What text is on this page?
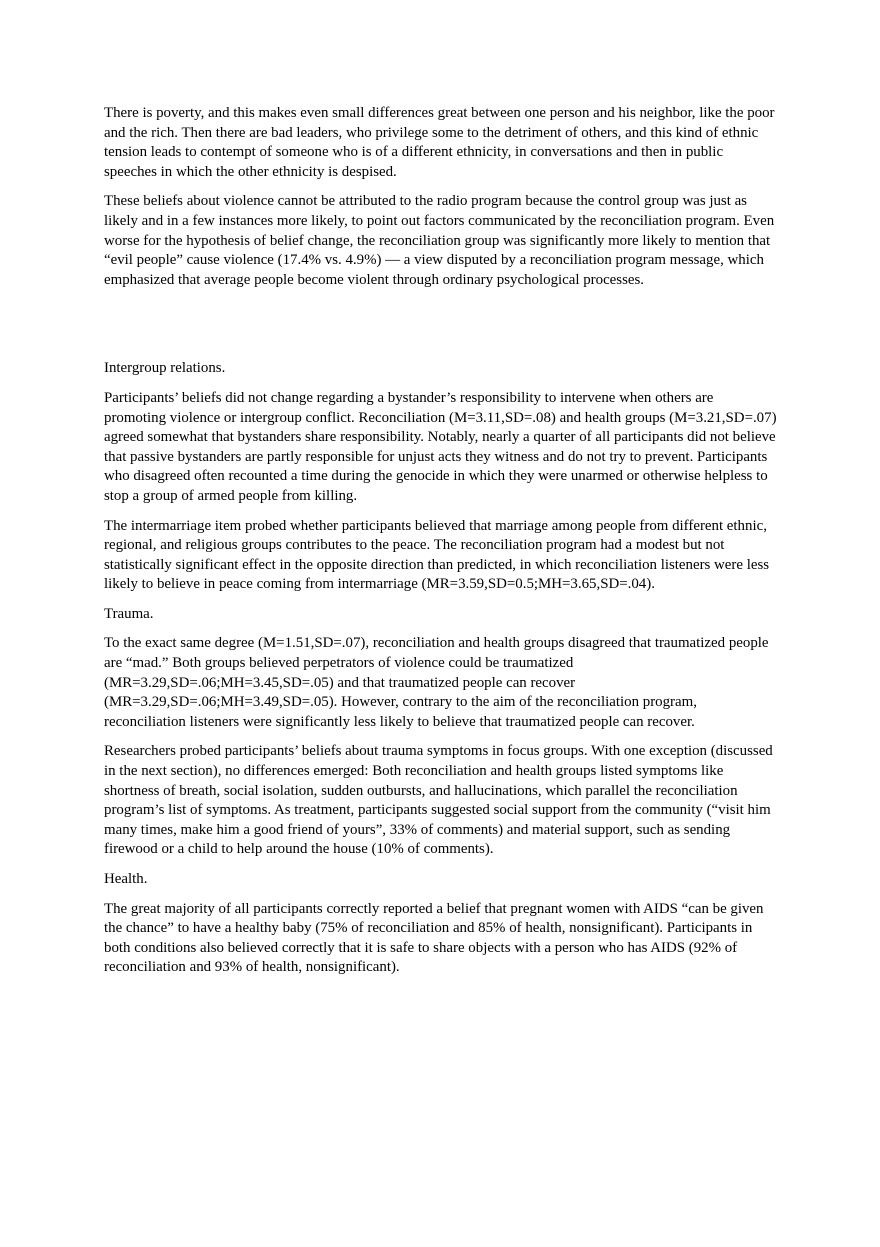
There is poverty, and this makes even small differences great between one person and his neighbor, like the poor and the rich. Then there are bad leaders, who privilege some to the detriment of others, and this kind of ethnic tension leads to contempt of someone who is of a different ethnicity, in conversations and then in public speeches in which the other ethnicity is despised.

These beliefs about violence cannot be attributed to the radio program because the control group was just as likely and in a few instances more likely, to point out factors communicated by the reconciliation program. Even worse for the hypothesis of belief change, the reconciliation group was significantly more likely to mention that “evil people” cause violence (17.4% vs. 4.9%) — a view disputed by a reconciliation program message, which emphasized that average people become violent through ordinary psychological processes.

Intergroup relations.

Participants’ beliefs did not change regarding a bystander’s responsibility to intervene when others are promoting violence or intergroup conflict. Reconciliation (M=3.11,SD=.08) and health groups (M=3.21,SD=.07) agreed somewhat that bystanders share responsibility. Notably, nearly a quarter of all participants did not believe that passive bystanders are partly responsible for unjust acts they witness and do not try to prevent. Participants who disagreed often recounted a time during the genocide in which they were unarmed or otherwise helpless to stop a group of armed people from killing.

The intermarriage item probed whether participants believed that marriage among people from different ethnic, regional, and religious groups contributes to the peace. The reconciliation program had a modest but not statistically significant effect in the opposite direction than predicted, in which reconciliation listeners were less likely to believe in peace coming from intermarriage (MR=3.59,SD=0.5;MH=3.65,SD=.04).

Trauma.

To the exact same degree (M=1.51,SD=.07), reconciliation and health groups disagreed that traumatized people are “mad.” Both groups believed perpetrators of violence could be traumatized (MR=3.29,SD=.06;MH=3.45,SD=.05) and that traumatized people can recover (MR=3.29,SD=.06;MH=3.49,SD=.05). However, contrary to the aim of the reconciliation program, reconciliation listeners were significantly less likely to believe that traumatized people can recover.

Researchers probed participants’ beliefs about trauma symptoms in focus groups. With one exception (discussed in the next section), no differences emerged: Both reconciliation and health groups listed symptoms like shortness of breath, social isolation, sudden outbursts, and hallucinations, which parallel the reconciliation program’s list of symptoms. As treatment, participants suggested social support from the community (“visit him many times, make him a good friend of yours”, 33% of comments) and material support, such as sending firewood or a child to help around the house (10% of comments).

Health.

The great majority of all participants correctly reported a belief that pregnant women with AIDS “can be given the chance” to have a healthy baby (75% of reconciliation and 85% of health, nonsignificant). Participants in both conditions also believed correctly that it is safe to share objects with a person who has AIDS (92% of reconciliation and 93% of health, nonsignificant).
